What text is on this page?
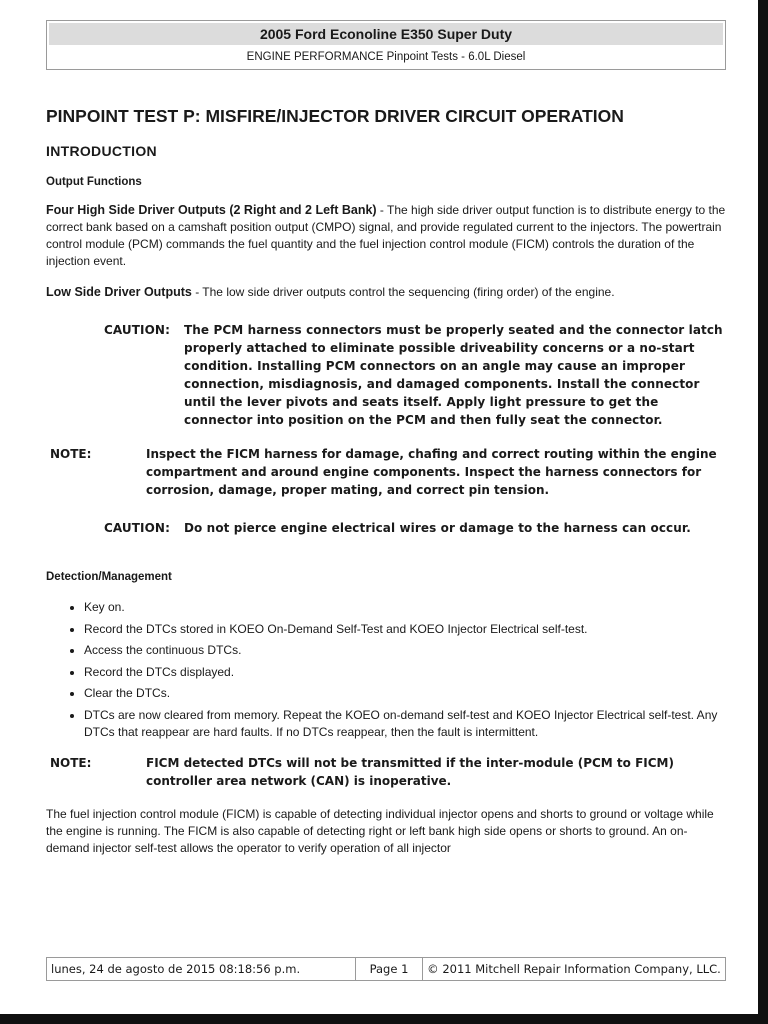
2005 Ford Econoline E350 Super Duty
ENGINE PERFORMANCE Pinpoint Tests - 6.0L Diesel
PINPOINT TEST P: MISFIRE/INJECTOR DRIVER CIRCUIT OPERATION
INTRODUCTION
Output Functions

Four High Side Driver Outputs (2 Right and 2 Left Bank) - The high side driver output function is to distribute energy to the correct bank based on a camshaft position output (CMPO) signal, and provide regulated current to the injectors. The powertrain control module (PCM) commands the fuel quantity and the fuel injection control module (FICM) controls the duration of the injection event.

Low Side Driver Outputs - The low side driver outputs control the sequencing (firing order) of the engine.

CAUTION:	The PCM harness connectors must be properly seated and the connector latch properly attached to eliminate possible driveability concerns or a no-start condition. Installing PCM connectors on an angle may cause an improper connection, misdiagnosis, and damaged components. Install the connector until the lever pivots and seats itself. Apply light pressure to get the connector into position on the PCM and then fully seat the connector.
NOTE:	Inspect the FICM harness for damage, chafing and correct routing within the engine compartment and around engine components. Inspect the harness connectors for corrosion, damage, proper mating, and correct pin tension.
CAUTION:	Do not pierce engine electrical wires or damage to the harness can occur.
Detection/Management
• Key on.
• Record the DTCs stored in KOEO On-Demand Self-Test and KOEO Injector Electrical self-test.
• Access the continuous DTCs.
• Record the DTCs displayed.
• Clear the DTCs.
• DTCs are now cleared from memory. Repeat the KOEO on-demand self-test and KOEO Injector Electrical self-test. Any DTCs that reappear are hard faults. If no DTCs reappear, then the fault is intermittent.
NOTE:	FICM detected DTCs will not be transmitted if the inter-module (PCM to FICM) controller area network (CAN) is inoperative.

The fuel injection control module (FICM) is capable of detecting individual injector opens and shorts to ground or voltage while the engine is running. The FICM is also capable of detecting right or left bank high side opens or shorts to ground. An on-demand injector self-test allows the operator to verify operation of all injector

lunes, 24 de agosto de 2015 08:18:56 p.m.	Page 1	© 2011 Mitchell Repair Information Company, LLC.
